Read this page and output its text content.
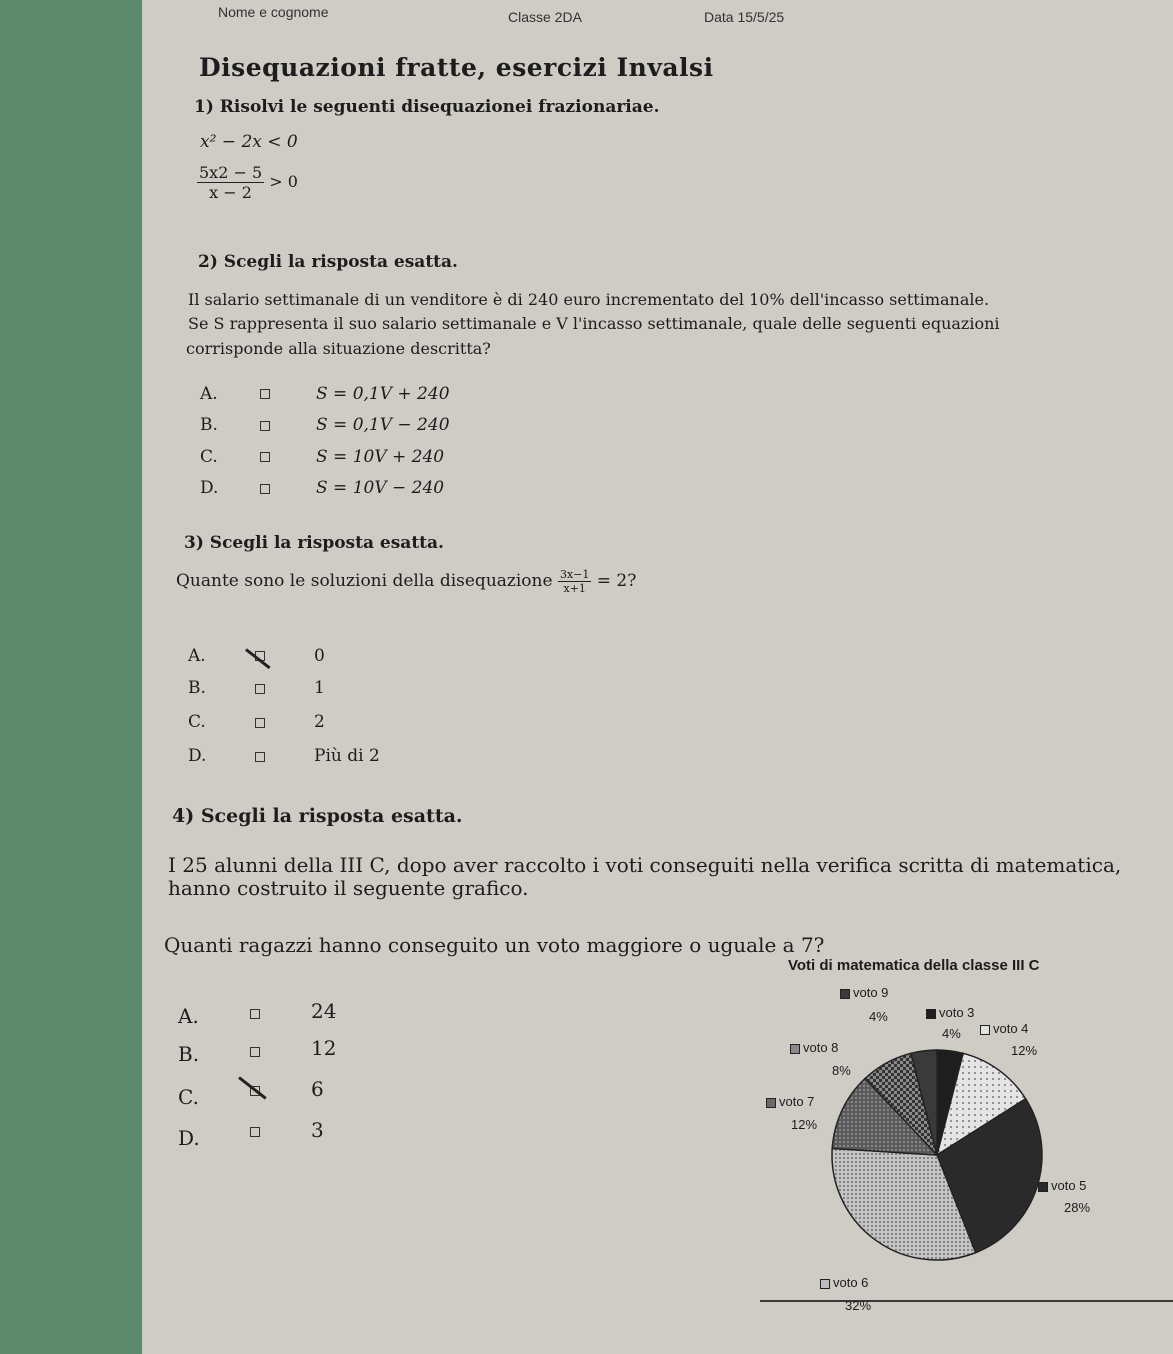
Nome e cognome	Classe 2DA	Data 15/5/25
Disequazioni fratte, esercizi Invalsi
1) Risolvi le seguenti disequazionei frazionariae.
x² − 2x < 0
$\frac{5x2 - 5}{x - 2} > 0$
2) Scegli la risposta esatta.
Il salario settimanale di un venditore è di 240 euro incrementato del 10% dell'incasso settimanale.
Se S rappresenta il suo salario settimanale e V l'incasso settimanale, quale delle seguenti equazioni
corrisponde alla situazione descritta?
A.	S = 0,1V + 240
B.	S = 0,1V − 240
C.	S = 10V + 240
D.	S = 10V − 240
3) Scegli la risposta esatta.
Quante sono le soluzioni della disequazione $\frac{3x-1}{x+1} = 2$?
A.	0
B.	1
C.	2
D.	Più di 2
4) Scegli la risposta esatta.
I 25 alunni della III C, dopo aver raccolto i voti conseguiti nella verifica scritta di matematica,
hanno costruito il seguente grafico.
Quanti ragazzi hanno conseguito un voto maggiore o uguale a 7?
A.	24
B.	12
C.	6
D.	3
Voti di matematica della classe III C
voto 9
4%	voto 3
4%	voto 4
12%
voto 8
8%
voto 7
12%
voto 5
28%
voto 6
32%
